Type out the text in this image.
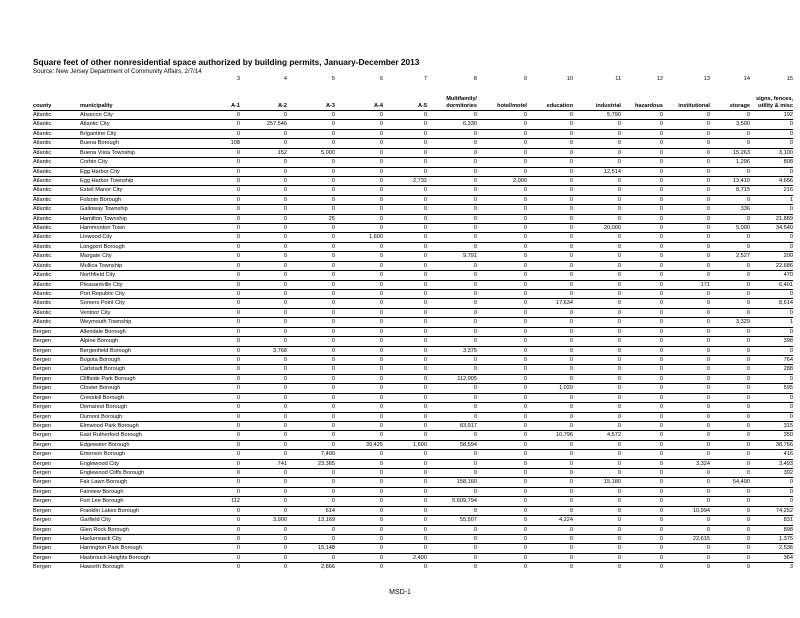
Square feet of other nonresidential space authorized by building permits, January-December 2013
Source: New Jersey Department of Community Affairs, 2/7/14
		3	4	5	6	7	8	9	10	11	12	13	14	15
county	municipality	A-1	A-2	A-3	A-4	A-5	Multifamily/
dormitories	hotel/motel	education	industrial	hazardous	institutional	storage	signs, fences,
utility & misc
Atlantic	Absecon City	0	0	0	0	0	0	0	0	5,790	0	0	0	192
Atlantic	Atlantic City	0	257,546	0	0	0	6,330	0	0	0	0	0	3,500	0
Atlantic	Brigantine City	0	0	0	0	0	0	0	0	0	0	0	0	0
Atlantic	Buena Borough	108	0	0	0	0	0	0	0	0	0	0	0	0
Atlantic	Buena Vista Township	0	152	5,000	0	0	0	0	0	0	0	0	15,263	3,100
Atlantic	Corbin City	0	0	0	0	0	0	0	0	0	0	0	1,296	808
Atlantic	Egg Harbor City	0	0	0	0	0	0	0	0	12,514	0	0	0	0
Atlantic	Egg Harbor Township	0	0	0	0	2,732	0	2,000	0	0	0	0	13,410	4,656
Atlantic	Estell Manor City	0	0	0	0	0	0	0	0	0	0	0	8,715	216
Atlantic	Folsom Borough	0	0	0	0	0	0	0	0	0	0	0	0	1
Atlantic	Galloway Township	0	0	0	0	0	0	0	0	0	0	0	336	0
Atlantic	Hamilton Township	0	0	25	0	0	0	0	0	0	0	0	0	21,889
Atlantic	Hammonton Town	0	0	0	0	0	0	0	0	20,000	0	0	5,000	34,540
Atlantic	Linwood City	0	0	0	1,600	0	0	0	0	0	0	0	0	0
Atlantic	Longport Borough	0	0	0	0	0	0	0	0	0	0	0	0	0
Atlantic	Margate City	0	0	0	0	0	9,791	0	0	0	0	0	2,527	200
Atlantic	Mullica Township	0	0	0	0	0	0	0	0	0	0	0	0	22,686
Atlantic	Northfield City	0	0	0	0	0	0	0	0	0	0	0	0	470
Atlantic	Pleasantville City	0	0	0	0	0	0	0	0	0	0	171	0	6,401
Atlantic	Port Republic City	0	0	0	0	0	0	0	0	0	0	0	0	0
Atlantic	Somers Point City	0	0	0	0	0	0	0	17,634	0	0	0	0	8,614
Atlantic	Ventnor City	0	0	0	0	0	0	0	0	0	0	0	0	0
Atlantic	Weymouth Township	0	0	0	0	0	0	0	0	0	0	0	3,329	1
Bergen	Allendale Borough	0	0	0	0	0	0	0	0	0	0	0	0	0
Bergen	Alpine Borough	0	0	0	0	0	0	0	0	0	0	0	0	398
Bergen	Bergenfield Borough	0	3,768	0	0	0	3,375	0	0	0	0	0	0	0
Bergen	Bogota Borough	0	0	0	0	0	0	0	0	0	0	0	0	764
Bergen	Carlstadt Borough	0	0	0	0	0	0	0	0	0	0	0	0	288
Bergen	Cliffside Park Borough	0	0	0	0	0	112,005	0	0	0	0	0	0	0
Bergen	Closter Borough	0	0	0	0	0	0	0	1,020	0	0	0	0	595
Bergen	Cresskill Borough	0	0	0	0	0	0	0	0	0	0	0	0	0
Bergen	Demarest Borough	0	0	0	0	0	0	0	0	0	0	0	0	0
Bergen	Dumont Borough	0	0	0	0	0	0	0	0	0	0	0	0	0
Bergen	Elmwood Park Borough	0	0	0	0	0	83,917	0	0	0	0	0	0	315
Bergen	East Rutherford Borough	0	0	0	0	0	0	0	10,796	4,572	0	0	0	350
Bergen	Edgewater Borough	0	0	0	39,425	1,600	58,594	0	0	0	0	0	0	38,766
Bergen	Emerson Borough	0	0	7,400	0	0	0	0	0	0	0	0	0	416
Bergen	Englewood City	0	741	23,365	0	0	0	0	0	0	0	3,324	0	3,493
Bergen	Englewood Cliffs Borough	0	0	0	0	0	0	0	0	0	0	0	0	392
Bergen	Fair Lawn Borough	0	0	0	0	0	158,160	0	0	15,180	0	0	54,490	0
Bergen	Fairview Borough	0	0	0	0	0	0	0	0	0	0	0	0	0
Bergen	Fort Lee Borough	112	0	0	0	0	5,609,794	0	0	0	0	0	0	0
Bergen	Franklin Lakes Borough	0	0	614	0	0	0	0	0	0	0	10,994	0	74,252
Bergen	Garfield City	0	3,900	13,169	0	0	55,507	0	4,224	0	0	0	0	831
Bergen	Glen Rock Borough	0	0	0	0	0	0	0	0	0	0	0	0	898
Bergen	Hackensack City	0	0	0	0	0	0	0	0	0	0	22,615	0	1,375
Bergen	Harrington Park Borough	0	0	15,148	0	0	0	0	0	0	0	0	0	2,536
Bergen	Hasbrouck Heights Borough	0	0	0	0	2,400	0	0	0	0	0	0	0	364
Bergen	Haworth Borough	0	0	2,866	0	0	0	0	0	0	0	0	0	3
MSD-1
